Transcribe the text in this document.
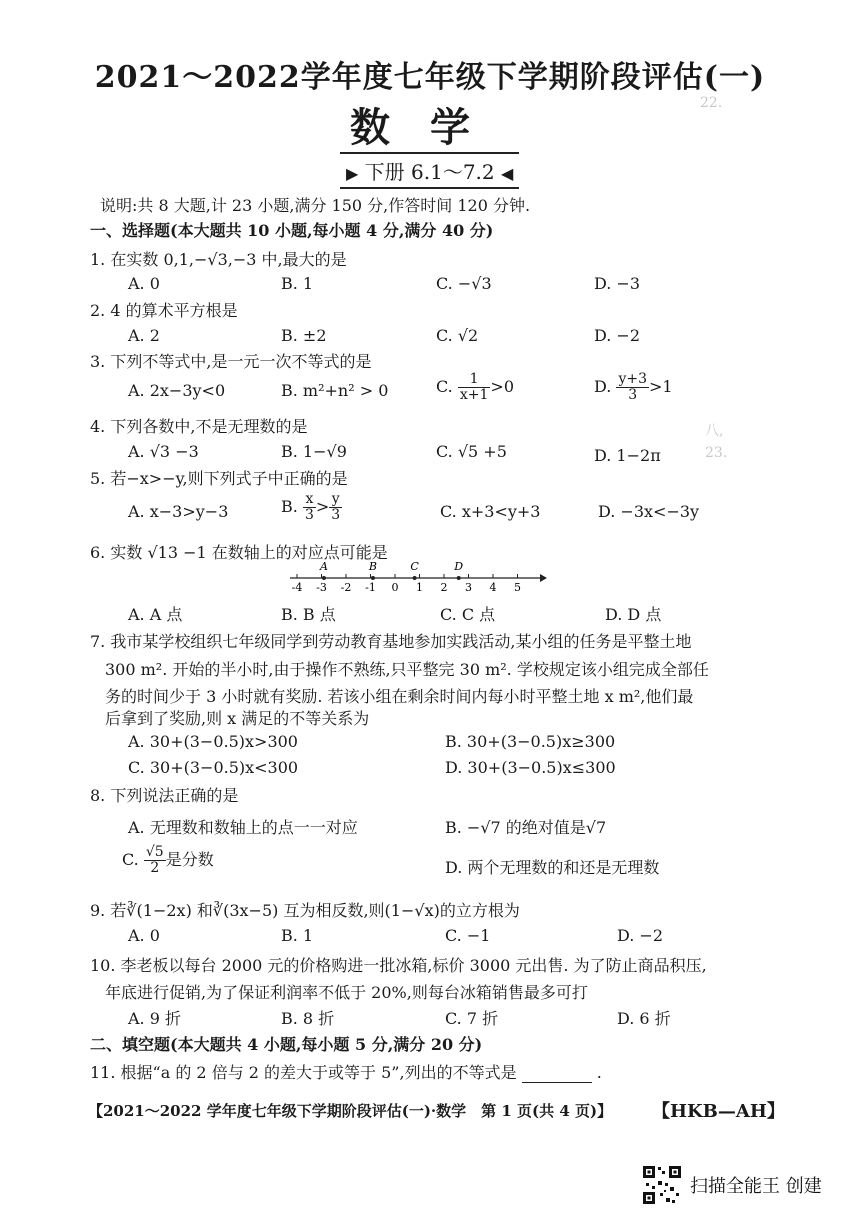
2021～2022学年度七年级下学期阶段评估(一)
数学
▶ 下册 6.1～7.2 ◀
22.
八,
23.
说明:共 8 大题,计 23 小题,满分 150 分,作答时间 120 分钟.
一、选择题(本大题共 10 小题,每小题 4 分,满分 40 分)
1. 在实数 0,1,−√3,−3 中,最大的是
A. 0	B. 1	C. −√3	D. −3
2. 4 的算术平方根是
A. 2	B. ±2	C. √2	D. −2
3. 下列不等式中,是一元一次不等式的是
A. 2x−3y<0	B. m²+n² > 0	C. $\frac{1}{x+1} >0$	D. $\frac{y+3}{3} >1$
4. 下列各数中,不是无理数的是
A. √3 −3	B. 1−√9	C. √5 +5	D. 1−2π
5. 若−x>−y,则下列式子中正确的是
A. x−3>y−3	B. $\frac{x}{3} > \frac{y}{3}$	C. x+3<y+3	D. −3x<−3y
6. 实数 √13 −1 在数轴上的对应点可能是
-4 -3 -2 -1 0 1 2 3 4 5
A	B	C	D
A. A 点	B. B 点	C. C 点	D. D 点
7. 我市某学校组织七年级同学到劳动教育基地参加实践活动,某小组的任务是平整土地
300 m². 开始的半小时,由于操作不熟练,只平整完 30 m². 学校规定该小组完成全部任
务的时间少于 3 小时就有奖励. 若该小组在剩余时间内每小时平整土地 x m²,他们最
后拿到了奖励,则 x 满足的不等关系为
A. 30+(3−0.5)x>300	B. 30+(3−0.5)x≥300
C. 30+(3−0.5)x<300	D. 30+(3−0.5)x≤300
8. 下列说法正确的是
A. 无理数和数轴上的点一一对应	B. −√7 的绝对值是√7
C. $\frac{√5}{2}$ 是分数	D. 两个无理数的和还是无理数
9. 若∛(1−2x) 和∛(3x−5) 互为相反数,则(1−√x)的立方根为
A. 0	B. 1	C. −1	D. −2
10. 李老板以每台 2000 元的价格购进一批冰箱,标价 3000 元出售. 为了防止商品积压,
年底进行促销,为了保证利润率不低于 20%,则每台冰箱销售最多可打
A. 9 折	B. 8 折	C. 7 折	D. 6 折
二、填空题(本大题共 4 小题,每小题 5 分,满分 20 分)
11. 根据“a 的 2 倍与 2 的差大于或等于 5”,列出的不等式是	.
【2021～2022 学年度七年级下学期阶段评估(一)·数学　第 1 页(共 4 页)】 【HKB—AH】
扫描全能王 创建
